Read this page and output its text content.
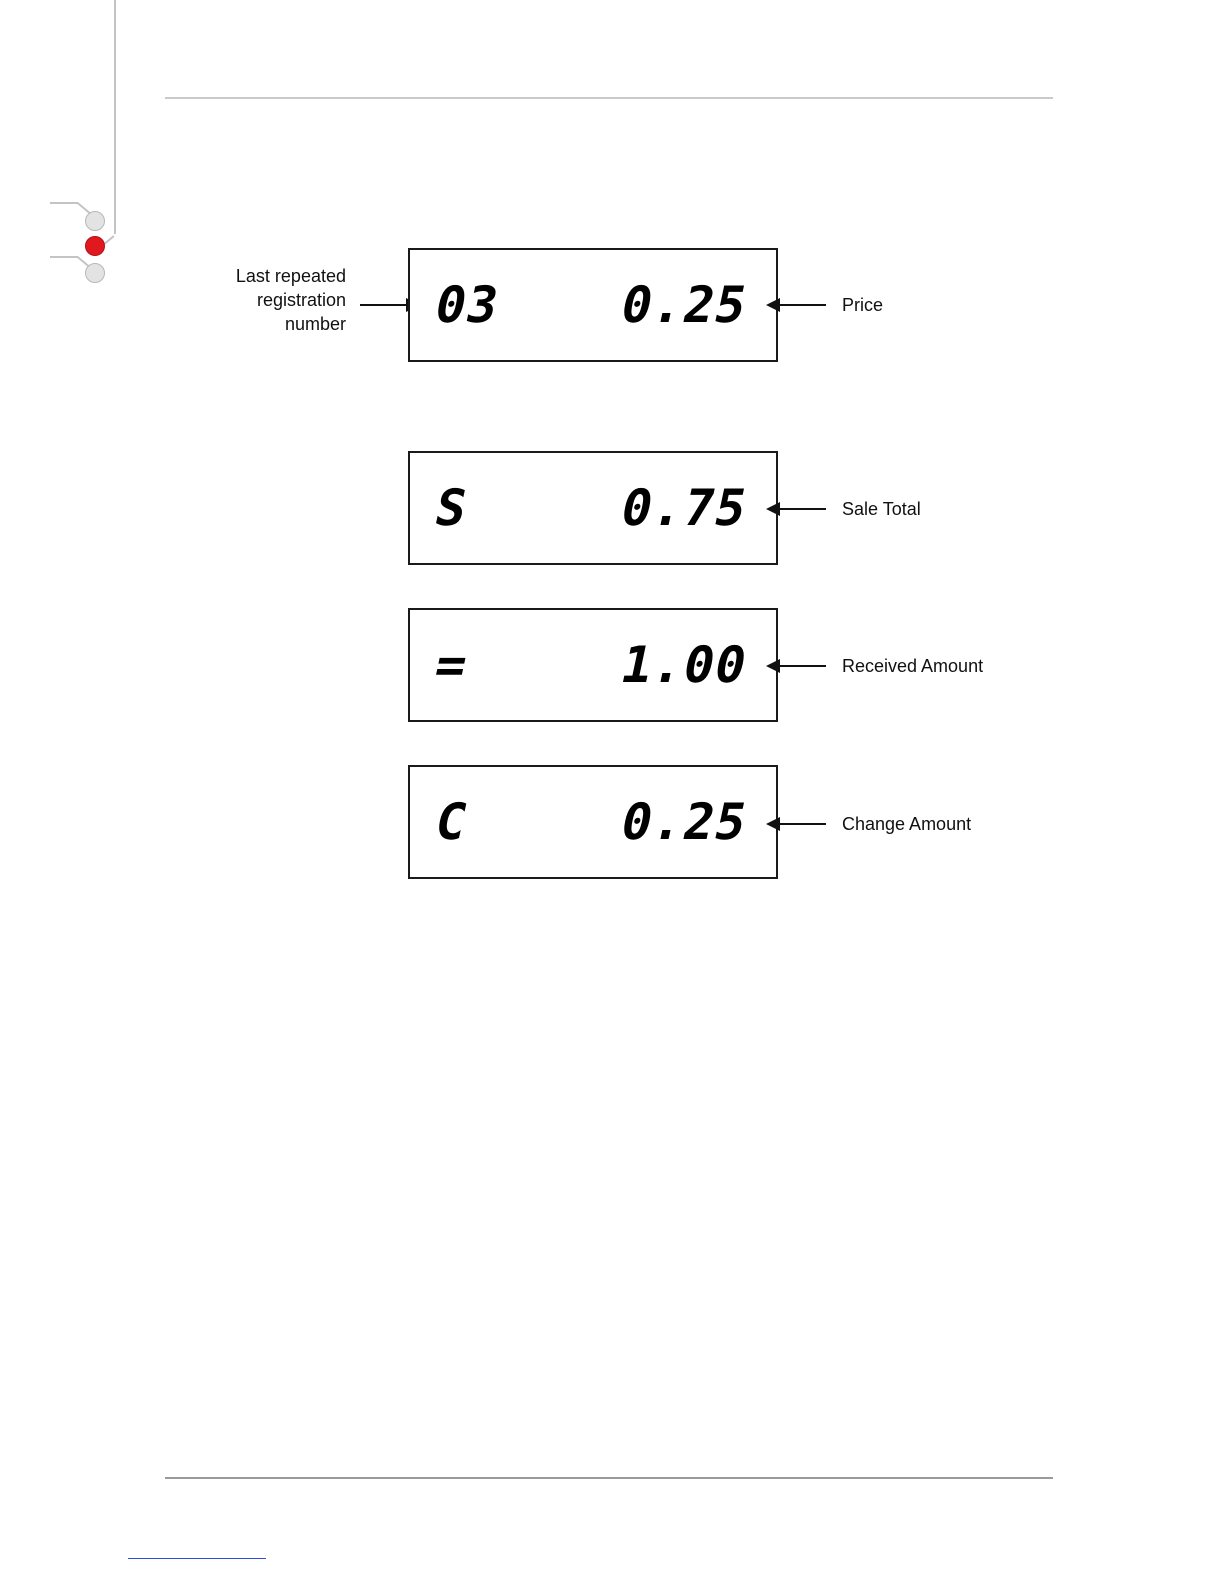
Last repeated
registration
number 03 0.25	Price
S	0.75	Sale Total
=	1.00	Received Amount
C	0.25	Change Amount
